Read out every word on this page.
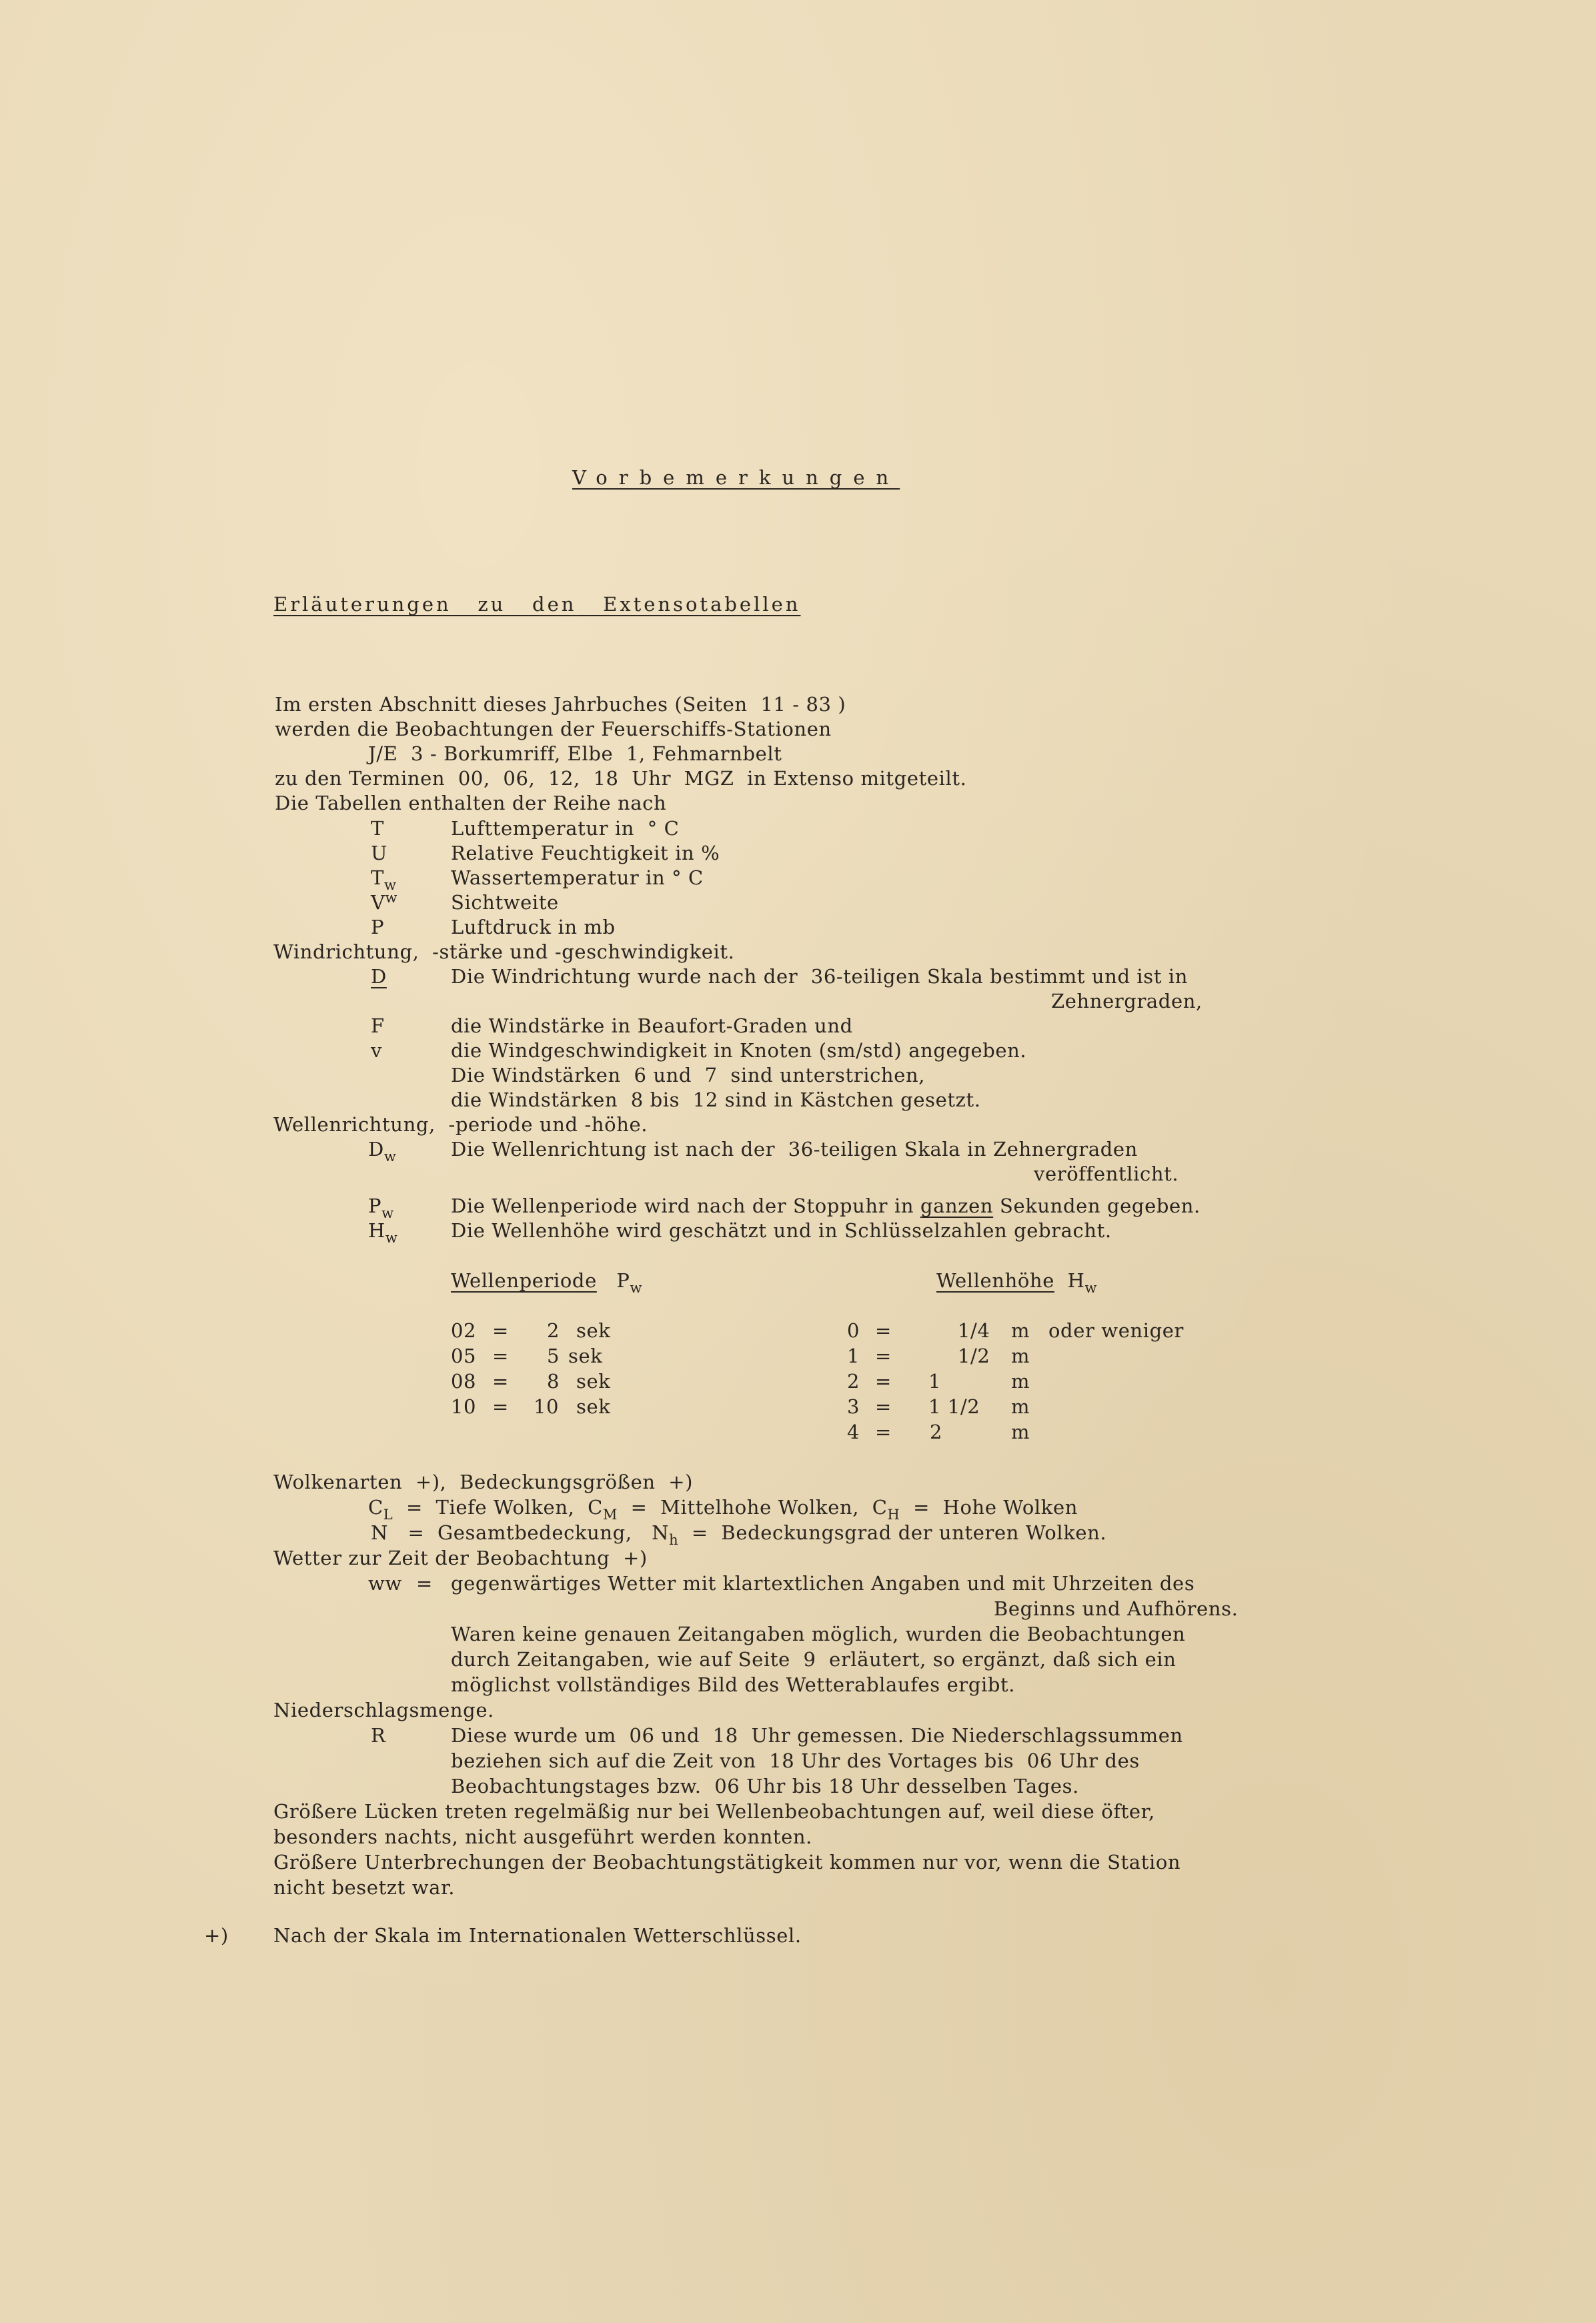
Vorbemerkungen
Erläuterungen zu den Extensotabellen
Im ersten Abschnitt dieses Jahrbuches (Seiten  11 - 83 )
werden die Beobachtungen der Feuerschiffs-Stationen
J/E  3 - Borkumriff, Elbe  1, Fehmarnbelt
zu den Terminen  00,  06,  12,  18  Uhr  MGZ  in Extenso mitgeteilt.
Die Tabellen enthalten der Reihe nach
T	Lufttemperatur in  ° C
U	Relative Feuchtigkeit in %
$T_w$	Wassertemperatur in ° C
$V^w$	Sichtweite
P	Luftdruck in mb
Windrichtung,  -stärke und -geschwindigkeit.
D	Die Windrichtung wurde nach der  36-teiligen Skala bestimmt und ist in
Zehnergraden,
F	die Windstärke in Beaufort-Graden und
v	die Windgeschwindigkeit in Knoten (sm/std) angegeben.
Die Windstärken  6 und  7  sind unterstrichen,
die Windstärken  8 bis  12 sind in Kästchen gesetzt.
Wellenrichtung,  -periode und -höhe.
$D_w$	Die Wellenrichtung ist nach der  36-teiligen Skala in Zehnergraden
veröffentlicht.
$P_w$	Die Wellenperiode wird nach der Stoppuhr in ganzen Sekunden gegeben.
$H_w$	Die Wellenhöhe wird geschätzt und in Schlüsselzahlen gebracht.
Wellenperiode $P_w$
02 = 2 sek
05 = 5 sek
08 = 8 sek
10 = 10 sek
Wellenhöhe $H_w$
0 =	1/4 m oder weniger
1 =	1/2 m
2 = 1	m
3 = 1 1/2 m
4 = 2	m
Wolkenarten  +),  Bedeckungsgrößen  +)
$C_L$ =  Tiefe Wolken, $C_M$ =  Mittelhohe Wolken, $C_H$ =  Hohe Wolken
N =  Gesamtbedeckung, $N_h$ =  Bedeckungsgrad der unteren Wolken.
Wetter zur Zeit der Beobachtung  +)
ww = gegenwärtiges Wetter mit klartextlichen Angaben und mit Uhrzeiten des
Beginns und Aufhörens.
Waren keine genauen Zeitangaben möglich, wurden die Beobachtungen
durch Zeitangaben, wie auf Seite  9  erläutert, so ergänzt, daß sich ein
möglichst vollständiges Bild des Wetterablaufes ergibt.
Niederschlagsmenge.
R	Diese wurde um  06 und  18  Uhr gemessen. Die Niederschlagssummen
beziehen sich auf die Zeit von  18 Uhr des Vortages bis  06 Uhr des
Beobachtungstages bzw.  06 Uhr bis 18 Uhr desselben Tages.
Größere Lücken treten regelmäßig nur bei Wellenbeobachtungen auf, weil diese öfter,
besonders nachts, nicht ausgeführt werden konnten.
Größere Unterbrechungen der Beobachtungstätigkeit kommen nur vor, wenn die Station
nicht besetzt war.
+) Nach der Skala im Internationalen Wetterschlüssel.
